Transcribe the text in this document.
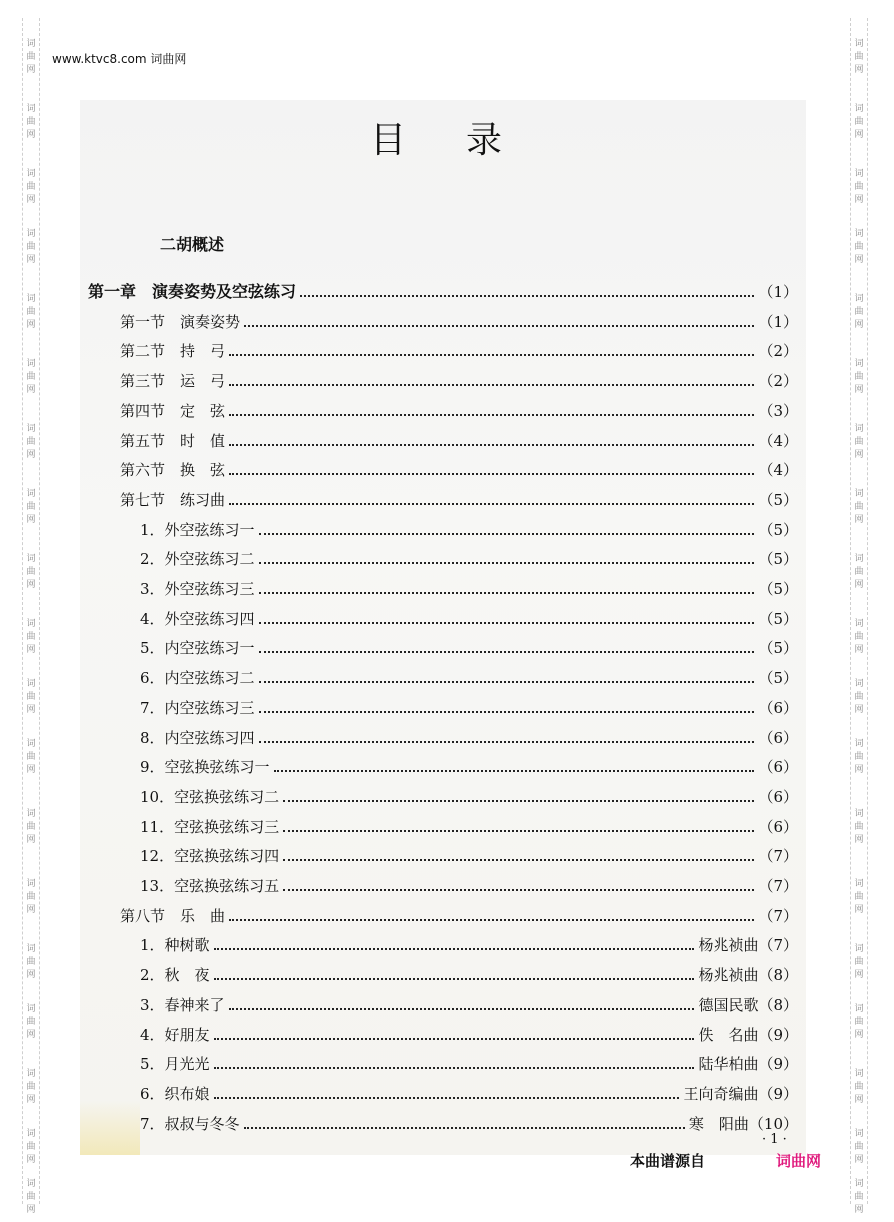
词
曲
网
词
曲
网
词
曲
网
词
曲
网
词
曲
网
词
曲
网
词
曲
网
词
曲
网
词
曲
网
词
曲
网
词
曲
网
词
曲
网
词
曲
网
词
曲
网
词
曲
网
词
曲
网
词
曲
网
词
曲
网
词
曲
网
词
曲
网
词
曲
网
词
曲
网
词
曲
网
词
曲
网
词
曲
网
词
曲
网
词
曲
网
词
曲
网
词
曲
网
词
曲
网
词
曲
网
词
曲
网
词
曲
网
词
曲
网
词
曲
网
词
曲
网
词
曲
网
词
曲
网
www.ktvc8.com 词曲网
目录
二胡概述
第一章　演奏姿势及空弦练习	（1）
第一节　演奏姿势	（1）
第二节　持　弓	（2）
第三节　运　弓	（2）
第四节　定　弦	（3）
第五节　时　值	（4）
第六节　换　弦	（4）
第七节　练习曲	（5）
1．外空弦练习一	（5）
2．外空弦练习二	（5）
3．外空弦练习三	（5）
4．外空弦练习四	（5）
5．内空弦练习一	（5）
6．内空弦练习二	（5）
7．内空弦练习三	（6）
8．内空弦练习四	（6）
9．空弦换弦练习一	（6）
10．空弦换弦练习二	（6）
11．空弦换弦练习三	（6）
12．空弦换弦练习四	（7）
13．空弦换弦练习五	（7）
第八节　乐　曲	（7）
1．种树歌	杨兆祯曲 （7）
2．秋　夜	杨兆祯曲 （8）
3．春神来了	德国民歌 （8）
4．好朋友	佚　名曲 （9）
5．月光光	陆华柏曲 （9）
6．织布娘	王向奇编曲 （9）
7．叔叔与冬冬	寒　阳曲 （10）
· 1 ·
本曲谱源自	词曲网
